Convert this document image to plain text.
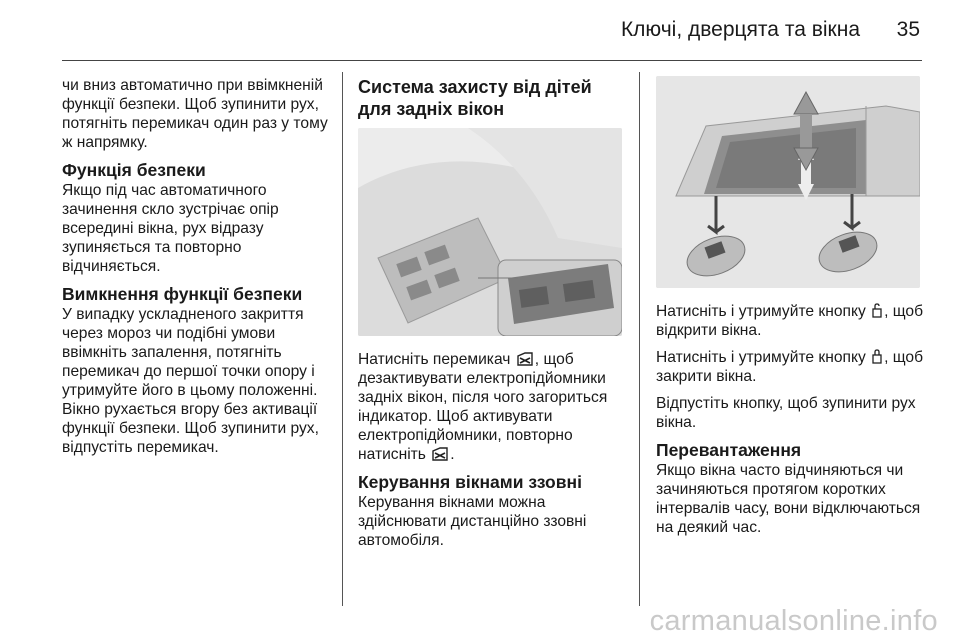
Ключі, дверцята та вікна 35

чи вниз автоматично при ввімкненій функції безпеки. Щоб зупинити рух, потягніть перемикач один раз у тому ж напрямку.

Функція безпеки

Якщо під час автоматичного зачинення скло зустрічає опір всередині вікна, рух відразу зупиняється та повторно відчиняється.

Вимкнення функції безпеки

У випадку ускладненого закриття через мороз чи подібні умови ввімкніть запалення, потягніть перемикач до першої точки опору і утримуйте його в цьому положенні. Вікно рухається вгору без активації функції безпеки. Щоб зупинити рух, відпустіть перемикач.

Система захисту від дітей для задніх вікон

Натисніть перемикач , щоб дезактивувати електропідйомники задніх вікон, після чого загориться індикатор. Щоб активувати електропідйомники, повторно натисніть .

Керування вікнами ззовні

Керування вікнами можна здійснювати дистанційно ззовні автомобіля.

Натисніть і утримуйте кнопку , щоб відкрити вікна.

Натисніть і утримуйте кнопку , щоб закрити вікна.

Відпустіть кнопку, щоб зупинити рух вікна.

Перевантаження

Якщо вікна часто відчиняються чи зачиняються протягом коротких інтервалів часу, вони відключаються на деякий час.

carmanualsonline.info
